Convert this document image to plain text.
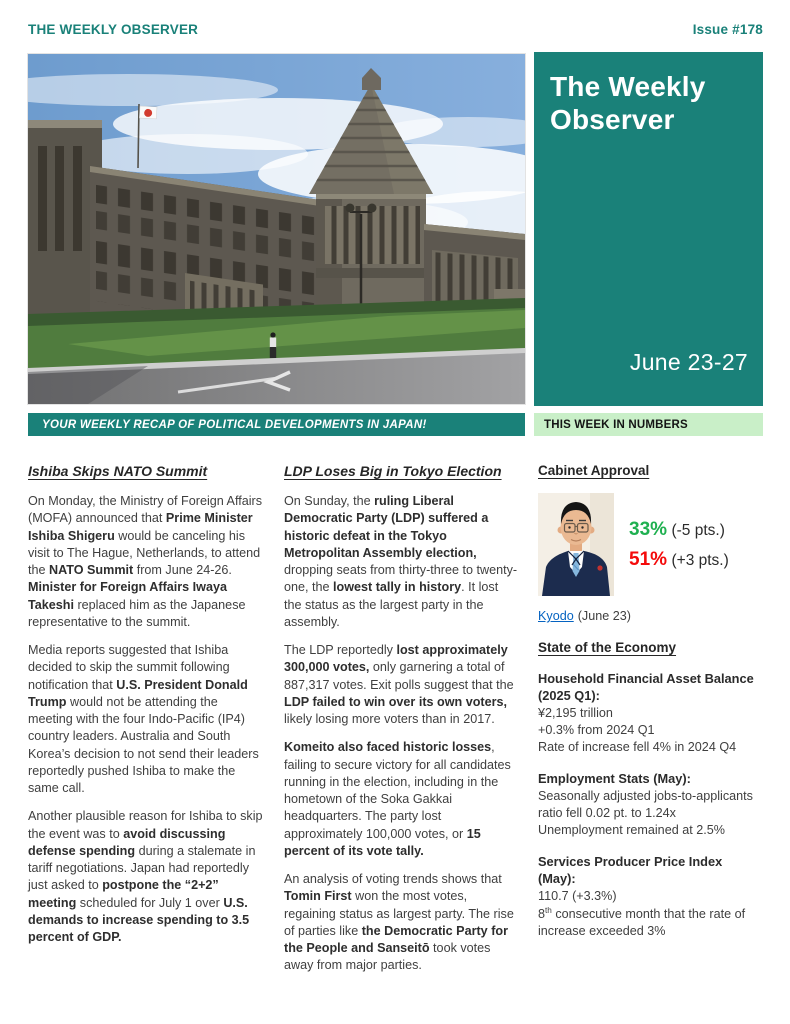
THE WEEKLY OBSERVER	Issue #178
The Weekly Observer
June 23-27
YOUR WEEKLY RECAP OF POLITICAL DEVELOPMENTS IN JAPAN!	THIS WEEK IN NUMBERS
Ishiba Skips NATO Summit

On Monday, the Ministry of Foreign Affairs (MOFA) announced that Prime Minister Ishiba Shigeru would be canceling his visit to The Hague, Netherlands, to attend the NATO Summit from June 24-26. Minister for Foreign Affairs Iwaya Takeshi replaced him as the Japanese representative to the summit.

Media reports suggested that Ishiba decided to skip the summit following notification that U.S. President Donald Trump would not be attending the meeting with the four Indo-Pacific (IP4) country leaders. Australia and South Korea’s decision to not send their leaders reportedly pushed Ishiba to make the same call.

Another plausible reason for Ishiba to skip the event was to avoid discussing defense spending during a stalemate in tariff negotiations. Japan had reportedly just asked to postpone the “2+2” meeting scheduled for July 1 over U.S. demands to increase spending to 3.5 percent of GDP.

LDP Loses Big in Tokyo Election

On Sunday, the ruling Liberal Democratic Party (LDP) suffered a historic defeat in the Tokyo Metropolitan Assembly election, dropping seats from thirty-three to twenty-one, the lowest tally in history. It lost the status as the largest party in the assembly.

The LDP reportedly lost approximately 300,000 votes, only garnering a total of 887,317 votes. Exit polls suggest that the LDP failed to win over its own voters, likely losing more voters than in 2017.

Komeito also faced historic losses, failing to secure victory for all candidates running in the election, including in the hometown of the Soka Gakkai headquarters. The party lost approximately 100,000 votes, or 15 percent of its vote tally.

An analysis of voting trends shows that Tomin First won the most votes, regaining status as largest party. The rise of parties like the Democratic Party for the People and Sanseitō took votes away from major parties.

Cabinet Approval
33% (-5 pts.)
51% (+3 pts.)
Kyodo (June 23)
State of the Economy
Household Financial Asset Balance (2025 Q1):
¥2,195 trillion
+0.3% from 2024 Q1
Rate of increase fell 4% in 2024 Q4
Employment Stats (May):
Seasonally adjusted jobs-to-applicants ratio fell 0.02 pt. to 1.24x
Unemployment remained at 2.5%
Services Producer Price Index (May):
110.7 (+3.3%)
8th consecutive month that the rate of increase exceeded 3%
